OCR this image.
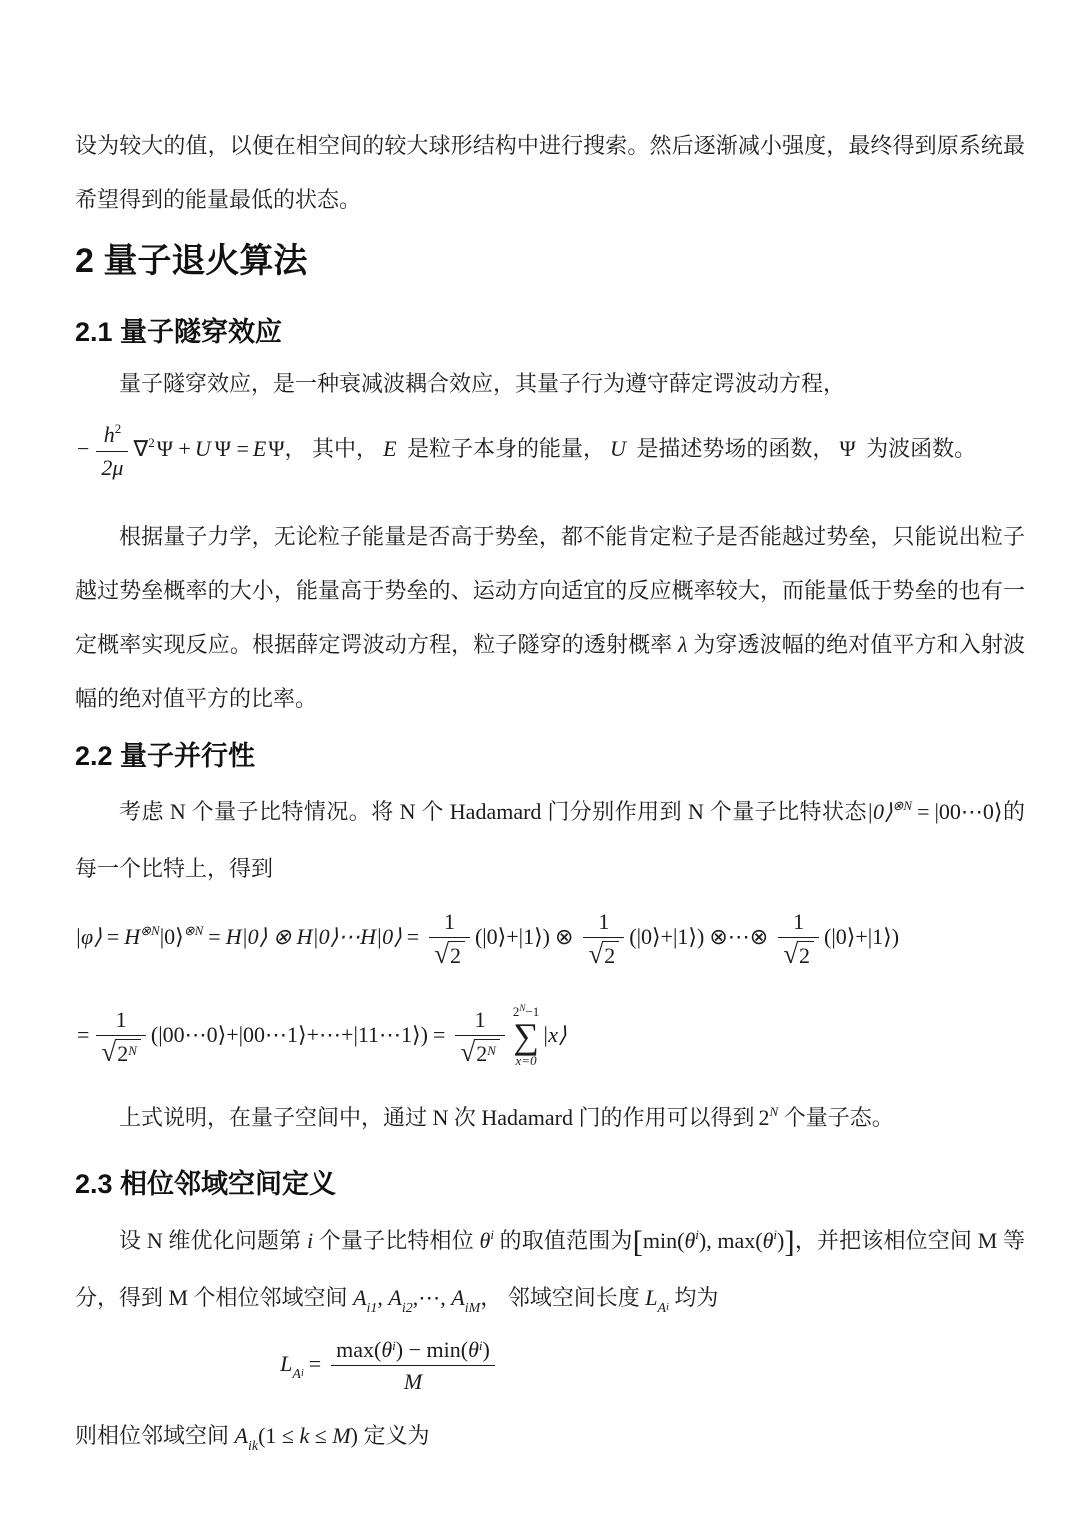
设为较大的值，以便在相空间的较大球形结构中进行搜索。然后逐渐减小强度，最终得到原系统最希望得到的能量最低的状态。

2 量子退火算法
2.1 量子隧穿效应

量子隧穿效应，是一种衰减波耦合效应，其量子行为遵守薛定谔波动方程，

− $\frac{h^2}{2\mu} \nabla^2\Psi + U$ Ψ = EΨ， 其中， E 是粒子本身的能量， U 是描述势场的函数， Ψ 为波函数。

根据量子力学，无论粒子能量是否高于势垒，都不能肯定粒子是否能越过势垒，只能说出粒子越过势垒概率的大小，能量高于势垒的、运动方向适宜的反应概率较大，而能量低于势垒的也有一定概率实现反应。根据薛定谔波动方程，粒子隧穿的透射概率 λ 为穿透波幅的绝对值平方和入射波幅的绝对值平方的比率。

2.2 量子并行性

考虑 N 个量子比特情况。将 N 个 Hadamard 门分别作用到 N 个量子比特状态|0⟩$^{\otimes N}$ = |00⋯0⟩的每一个比特上，得到

|φ⟩ = $H^{\otimes N}|0⟩^{\otimes N}$ = H|0⟩ ⊗ H|0⟩⋯H|0⟩ = $\frac{1}{√ 2}$ (|0⟩+|1⟩) ⊗ $\frac{1}{√ 2}$ (|0⟩+|1⟩) ⊗⋯⊗ $\frac{1}{√ 2}$ (|0⟩+|1⟩)
= $\frac{1}{√ 2^N}$ (|00⋯0⟩+|00⋯1⟩+⋯+|11⋯1⟩) = $\frac{1}{√ 2^N} 2^N-1$
∑
x=0
|x⟩

上式说明，在量子空间中，通过 N 次 Hadamard 门的作用可以得到 $2^N$ 个量子态。

2.3 相位邻域空间定义

设 N 维优化问题第 i 个量子比特相位 $\theta^i$ 的取值范围为[$\min(\theta^i)$, $\max(\theta^i)$]，并把该相位空间 M 等分，得到 M 个相位邻域空间 $A_{i1}$, $A_{i2},\cdots$, $A_{iM}$， 邻域空间长度 $L_{Ai}$ 均为

$L_{Ai} = \frac{\max(\theta^i) - \min(\theta^i)}{M}$

则相位邻域空间 $A_{ik}(1 \le k \le M)$ 定义为
